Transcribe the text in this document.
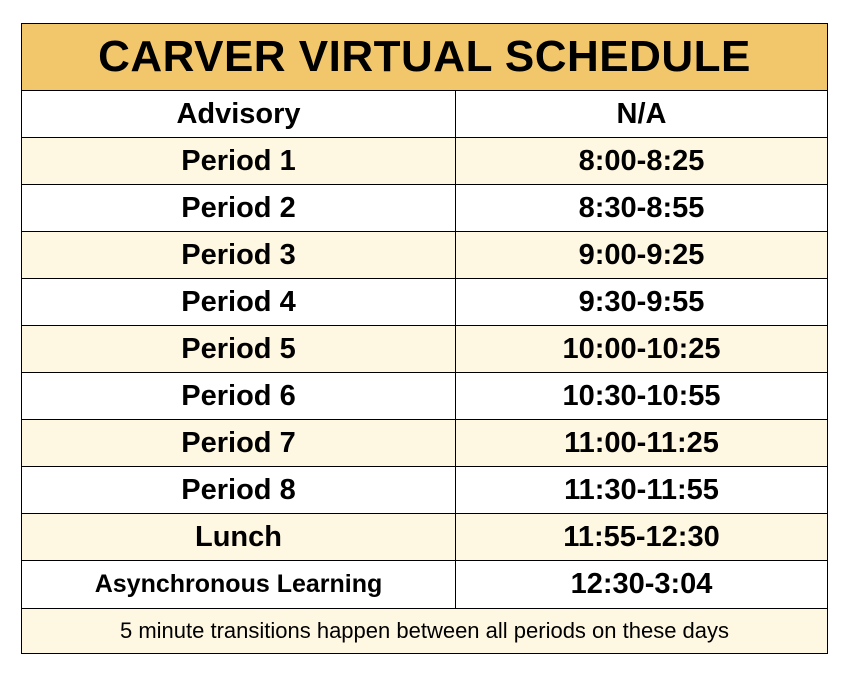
CARVER VIRTUAL SCHEDULE	
Advisory	N/A
Period 1	8:00-8:25
Period 2	8:30-8:55
Period 3	9:00-9:25
Period 4	9:30-9:55
Period 5	10:00-10:25
Period 6	10:30-10:55
Period 7	11:00-11:25
Period 8	11:30-11:55
Lunch	11:55-12:30
Asynchronous Learning	12:30-3:04
5 minute transitions happen between all periods on these days	
